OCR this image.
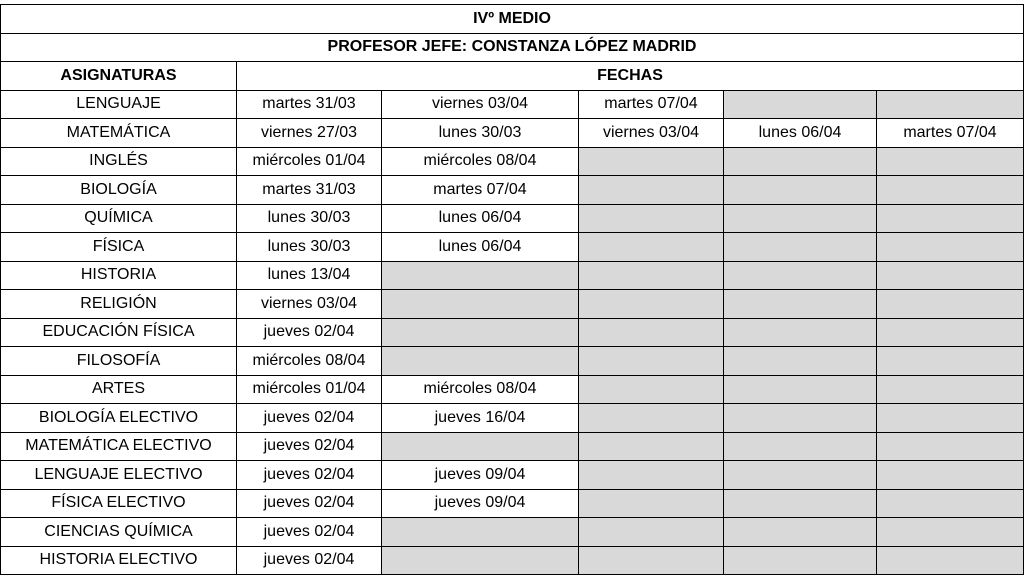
IVº MEDIO					
PROFESOR JEFE: CONSTANZA LÓPEZ MADRID					
ASIGNATURAS	FECHAS				
LENGUAJE	martes 31/03	viernes 03/04	martes 07/04		
MATEMÁTICA	viernes 27/03	lunes 30/03	viernes 03/04	lunes 06/04	martes 07/04
INGLÉS	miércoles 01/04	miércoles 08/04			
BIOLOGÍA	martes 31/03	martes 07/04			
QUÍMICA	lunes 30/03	lunes 06/04			
FÍSICA	lunes 30/03	lunes 06/04			
HISTORIA	lunes 13/04				
RELIGIÓN	viernes 03/04				
EDUCACIÓN FÍSICA	jueves 02/04				
FILOSOFÍA	miércoles 08/04				
ARTES	miércoles 01/04	miércoles 08/04			
BIOLOGÍA ELECTIVO	jueves 02/04	jueves 16/04			
MATEMÁTICA ELECTIVO	jueves 02/04				
LENGUAJE ELECTIVO	jueves 02/04	jueves 09/04			
FÍSICA ELECTIVO	jueves 02/04	jueves 09/04			
CIENCIAS QUÍMICA	jueves 02/04				
HISTORIA ELECTIVO	jueves 02/04				
